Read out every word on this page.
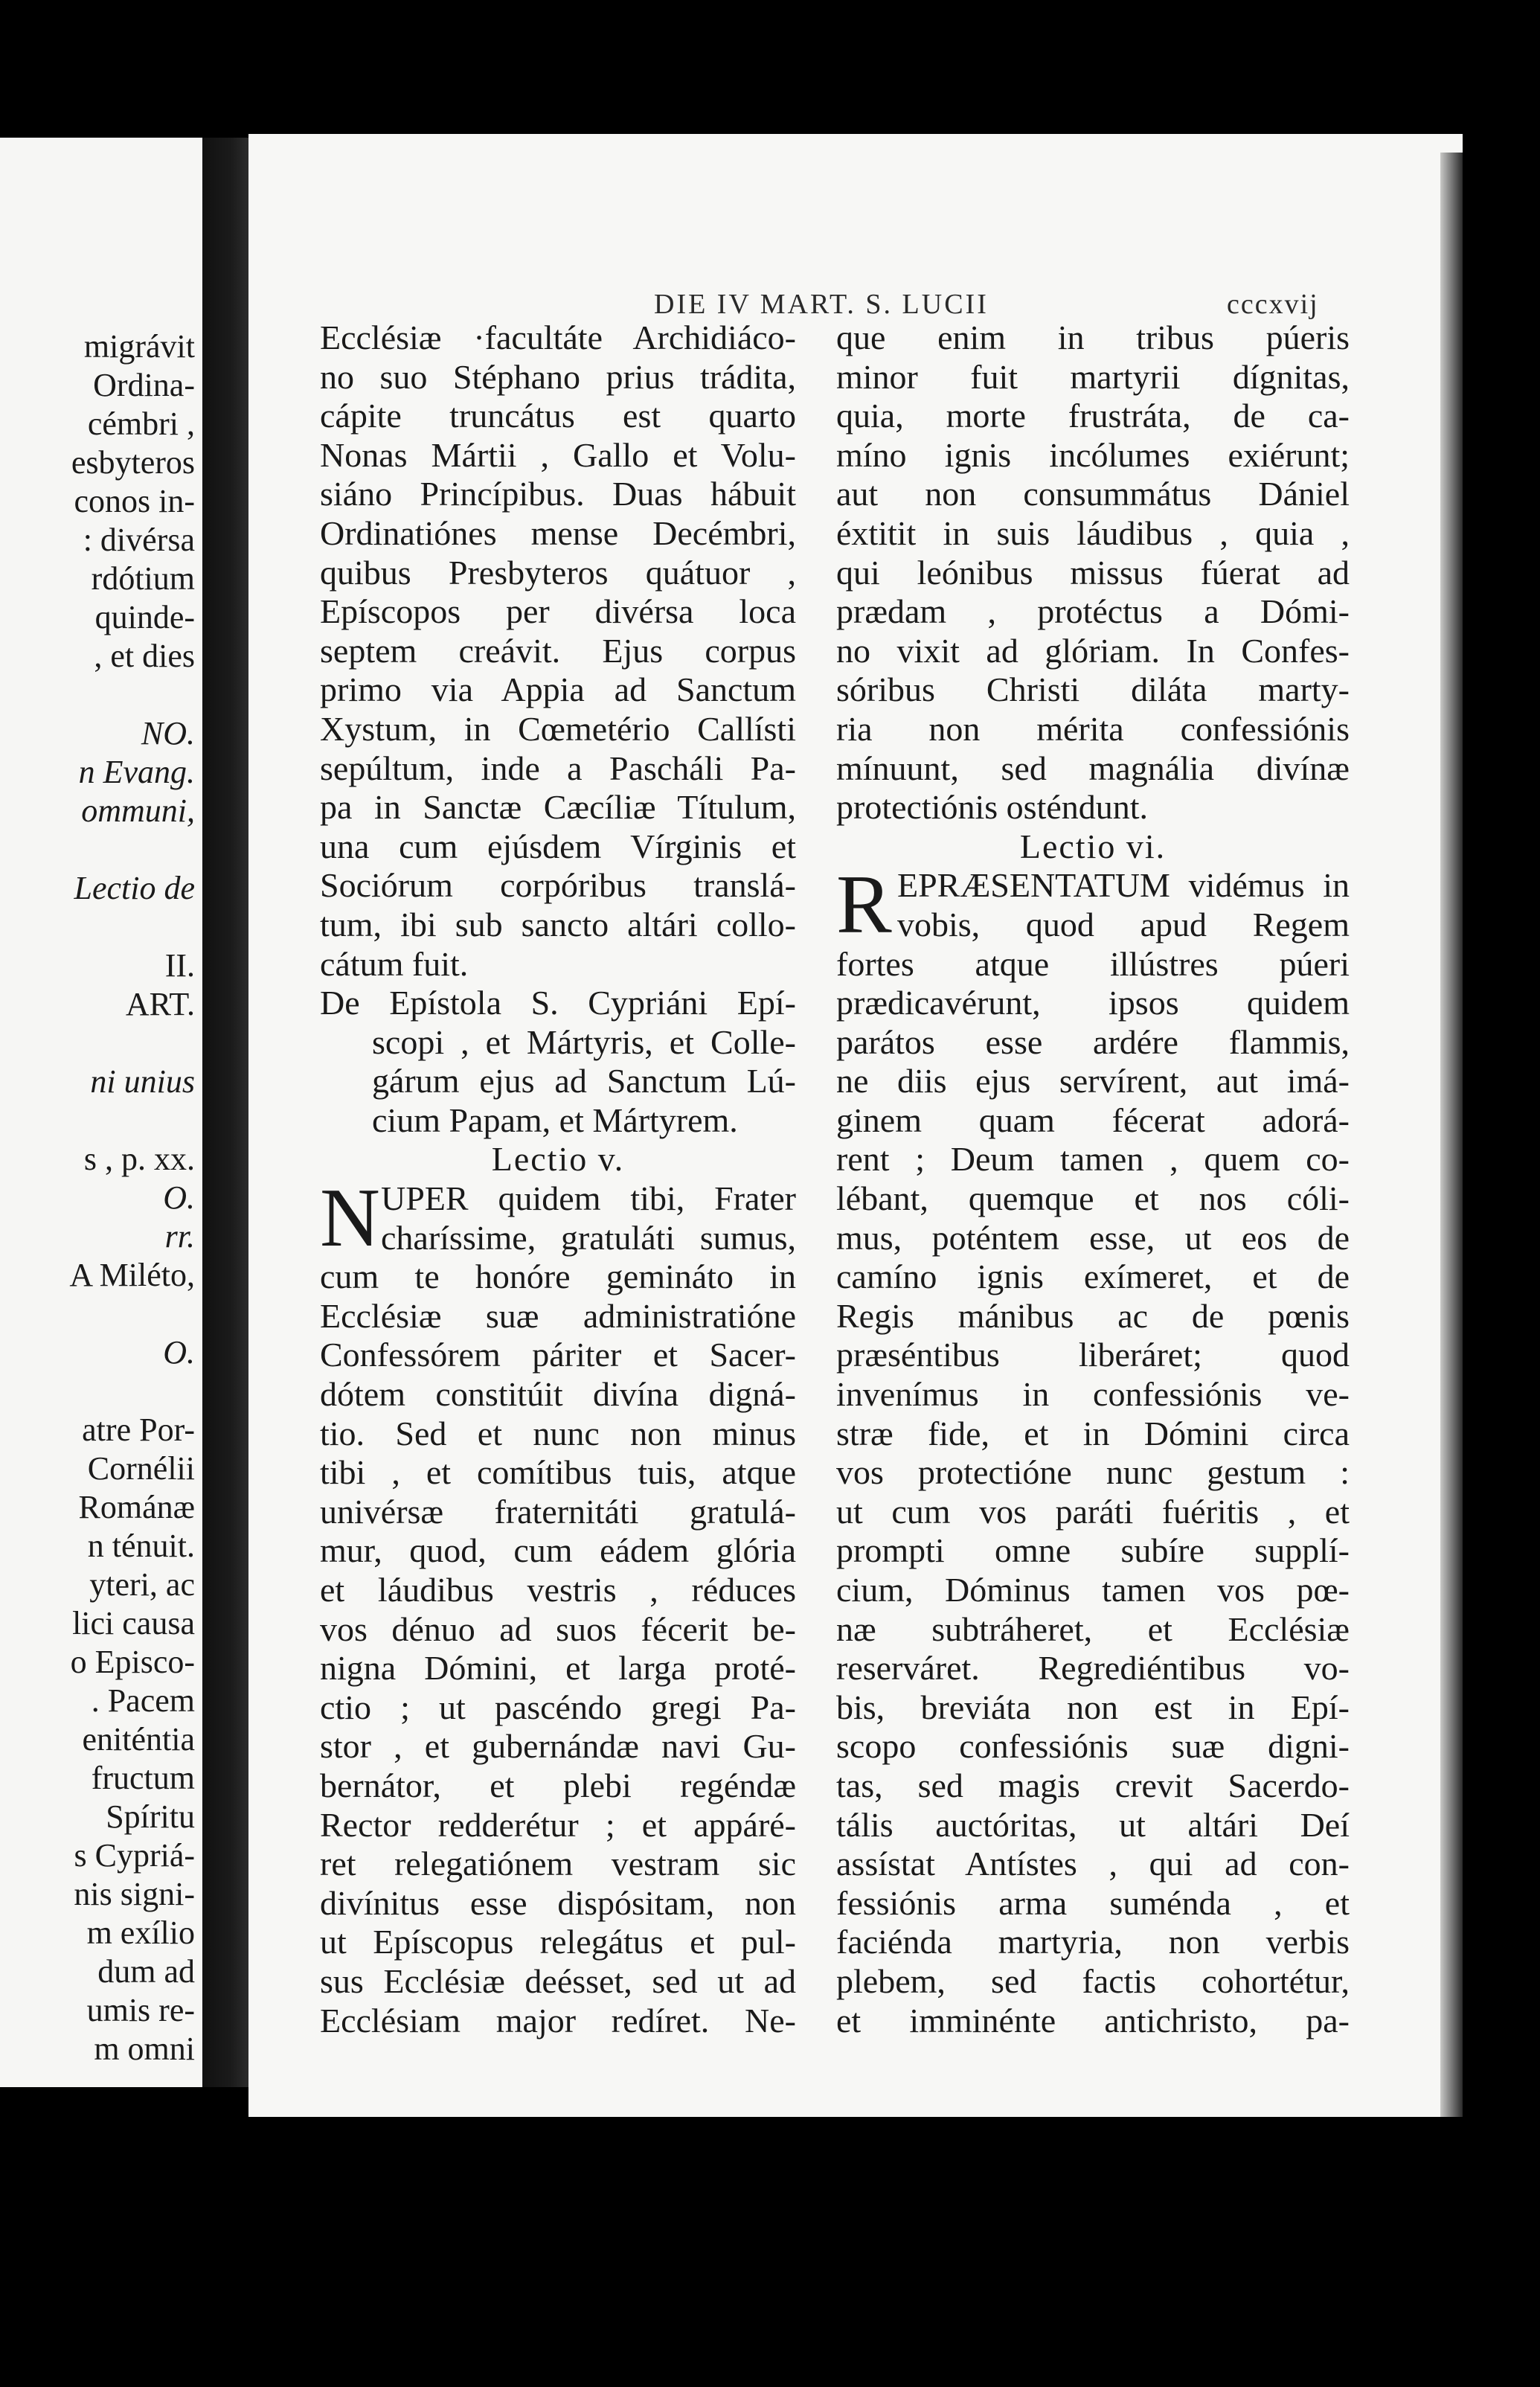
migrávit
Ordina-
cémbri ,
esbyteros
conos in-
: divérsa
rdótium
quinde-
, et dies
NO.
n Evang.
ommuni,
Lectio de
II.
ART.
ni unius
s , p. xx.
O.
rr.
A Miléto,
O.
atre Por-
Cornélii
Románæ
n ténuit.
yteri, ac
lici causa
o Episco-
. Pacem
eniténtia
fructum
Spíritu
s Cypriá-
nis signi-
m exílio
dum ad
umis re-
m omni
DIE IV MART. S. LUCII	cccxvij
Ecclésiæ ·facultáte Archidiáco-
no suo Stéphano prius trádita,
cápite truncátus est quarto
Nonas Mártii , Gallo et Volu-
siáno Princípibus. Duas hábuit
Ordinatiónes mense Decémbri,
quibus Presbyteros quátuor ,
Epíscopos per divérsa loca
septem creávit. Ejus corpus
primo via Appia ad Sanctum
Xystum, in Cœmetério Callísti
sepúltum, inde a Pascháli Pa-
pa in Sanctæ Cæcíliæ Títulum,
una cum ejúsdem Vírginis et
Sociórum corpóribus translá-
tum, ibi sub sancto altári collo-
cátum fuit.
De Epístola S. Cypriáni Epí-
scopi , et Mártyris, et Colle-
gárum ejus ad Sanctum Lú-
cium Papam, et Mártyrem.
Lectio v.
N UPER quidem tibi, Frater
charíssime, gratuláti sumus,
cum te honóre gemináto in
Ecclésiæ suæ administratióne
Confessórem páriter et Sacer-
dótem constitúit divína digná-
tio. Sed et nunc non minus
tibi , et comítibus tuis, atque
univérsæ fraternitáti gratulá-
mur, quod, cum eádem glória
et láudibus vestris , réduces
vos dénuo ad suos fécerit be-
nigna Dómini, et larga proté-
ctio ; ut pascéndo gregi Pa-
stor , et gubernándæ navi Gu-
bernátor, et plebi regéndæ
Rector redderétur ; et appáré-
ret relegatiónem vestram sic
divínitus esse dispósitam, non
ut Epíscopus relegátus et pul-
sus Ecclésiæ deésset, sed ut ad
Ecclésiam major redíret. Ne-
que enim in tribus púeris
minor fuit martyrii dígnitas,
quia, morte frustráta, de ca-
míno ignis incólumes exiérunt;
aut non consummátus Dániel
éxtitit in suis láudibus , quia ,
qui leónibus missus fúerat ad
prædam , protéctus a Dómi-
no vixit ad glóriam. In Confes-
sóribus Christi diláta marty-
ria non mérita confessiónis
mínuunt, sed magnália divínæ
protectiónis osténdunt.
Lectio vi.
R EPRÆSENTATUM vidémus in
vobis, quod apud Regem
fortes atque illústres púeri
prædicavérunt, ipsos quidem
parátos esse ardére flammis,
ne diis ejus servírent, aut imá-
ginem quam fécerat adorá-
rent ; Deum tamen , quem co-
lébant, quemque et nos cóli-
mus, poténtem esse, ut eos de
camíno ignis exímeret, et de
Regis mánibus ac de pœnis
præséntibus liberáret; quod
invenímus in confessiónis ve-
stræ fide, et in Dómini circa
vos protectióne nunc gestum :
ut cum vos paráti fuéritis , et
prompti omne subíre supplí-
cium, Dóminus tamen vos pœ-
næ subtráheret, et Ecclésiæ
reserváret. Regrediéntibus vo-
bis, breviáta non est in Epí-
scopo confessiónis suæ digni-
tas, sed magis crevit Sacerdo-
tális auctóritas, ut altári Deí
assístat Antístes , qui ad con-
fessiónis arma suménda , et
faciénda martyria, non verbis
plebem, sed factis cohortétur,
et imminénte antichristo, pa-
